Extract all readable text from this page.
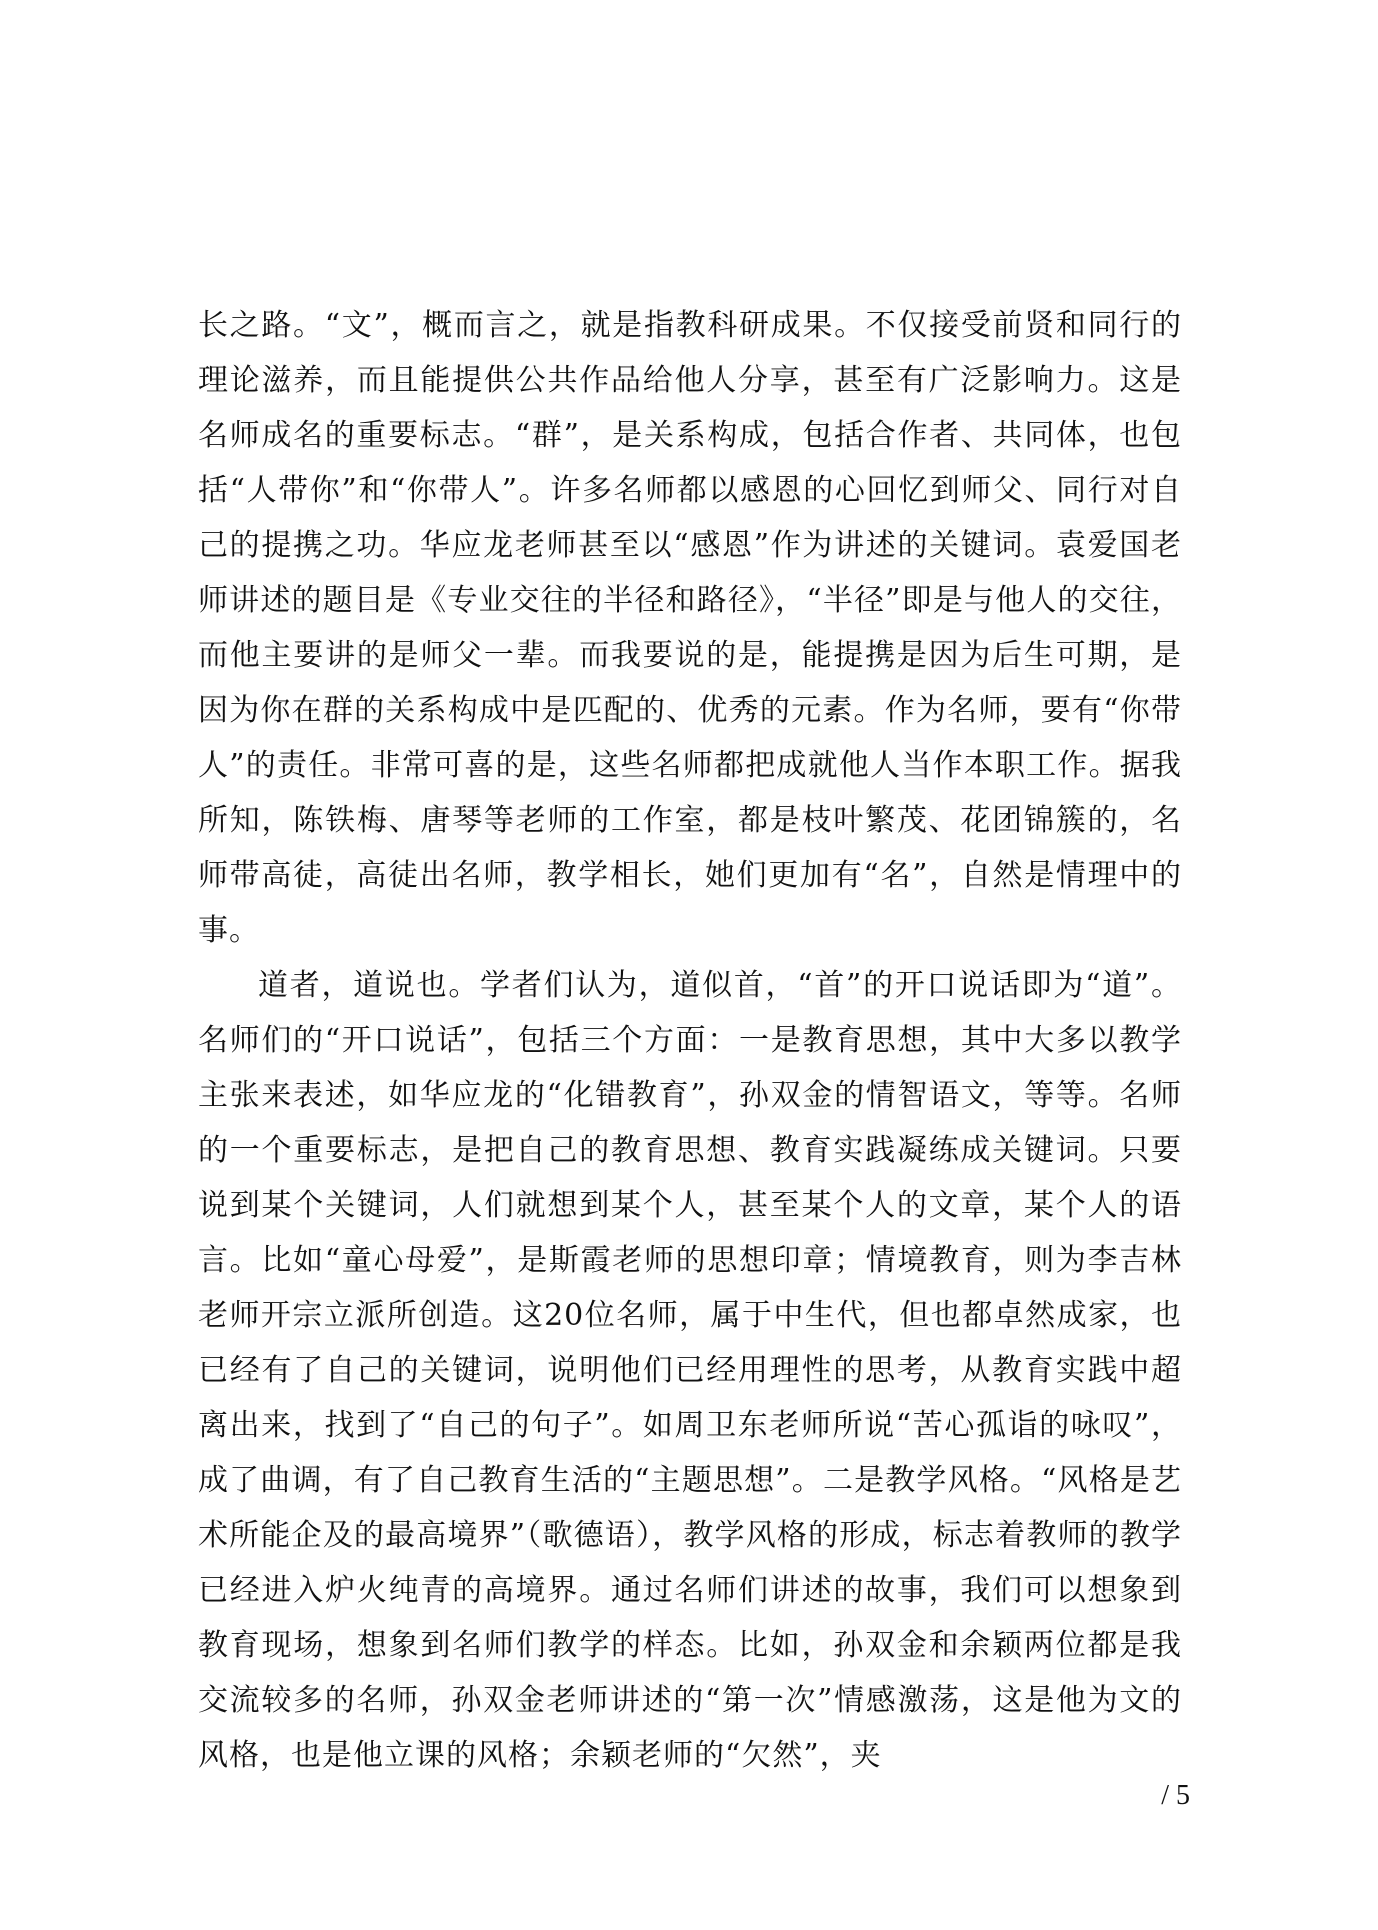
长之路。“文”，概而言之，就是指教科研成果。不仅接受前贤和同行的理论滋养，而且能提供公共作品给他人分享，甚至有广泛影响力。这是名师成名的重要标志。“群”，是关系构成，包括合作者、共同体，也包括“人带你”和“你带人”。许多名师都以感恩的心回忆到师父、同行对自己的提携之功。华应龙老师甚至以“感恩”作为讲述的关键词。袁爱国老师讲述的题目是《专业交往的半径和路径》，“半径”即是与他人的交往，而他主要讲的是师父一辈。而我要说的是，能提携是因为后生可期，是因为你在群的关系构成中是匹配的、优秀的元素。作为名师，要有“你带人”的责任。非常可喜的是，这些名师都把成就他人当作本职工作。据我所知，陈铁梅、唐琴等老师的工作室，都是枝叶繁茂、花团锦簇的，名师带高徒，高徒出名师，教学相长，她们更加有“名”，自然是情理中的事。

道者，道说也。学者们认为，道似首，“首”的开口说话即为“道”。名师们的“开口说话”，包括三个方面：一是教育思想，其中大多以教学主张来表述，如华应龙的“化错教育”，孙双金的情智语文，等等。名师的一个重要标志，是把自己的教育思想、教育实践凝练成关键词。只要说到某个关键词，人们就想到某个人，甚至某个人的文章，某个人的语言。比如“童心母爱”，是斯霞老师的思想印章；情境教育，则为李吉林老师开宗立派所创造。这20位名师，属于中生代，但也都卓然成家，也已经有了自己的关键词，说明他们已经用理性的思考，从教育实践中超离出来，找到了“自己的句子”。如周卫东老师所说“苦心孤诣的咏叹”，成了曲调，有了自己教育生活的“主题思想”。二是教学风格。“风格是艺术所能企及的最高境界”（歌德语），教学风格的形成，标志着教师的教学已经进入炉火纯青的高境界。通过名师们讲述的故事，我们可以想象到教育现场，想象到名师们教学的样态。比如，孙双金和余颖两位都是我交流较多的名师，孙双金老师讲述的“第一次”情感激荡，这是他为文的风格，也是他立课的风格；余颖老师的“欠然”，夹

/ 5
